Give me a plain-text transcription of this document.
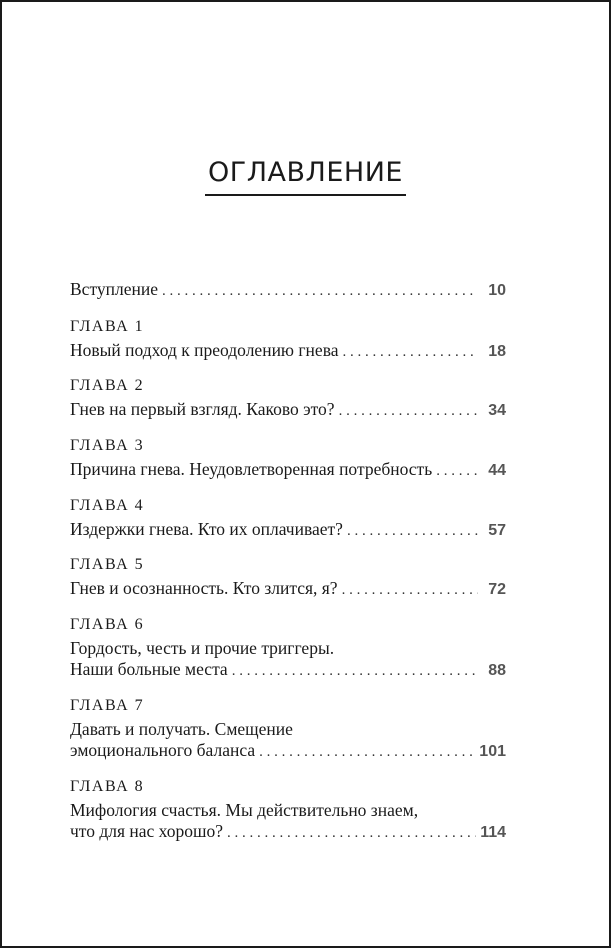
ОГЛАВЛЕНИЕ
Вступление . . .	10
ГЛАВА 1
Новый подход к преодолению гнева . . .	18
ГЛАВА 2
Гнев на первый взгляд. Каково это? . . .	34
ГЛАВА 3
Причина гнева. Неудовлетворенная потребность . . .	44
ГЛАВА 4
Издержки гнева. Кто их оплачивает? . . .	57
ГЛАВА 5
Гнев и осознанность. Кто злится, я? . . .	72
ГЛАВА 6
Гордость, честь и прочие триггеры.
Наши больные места . . .	88
ГЛАВА 7
Давать и получать. Смещение
эмоционального баланса . . .	101
ГЛАВА 8
Мифология счастья. Мы действительно знаем,
что для нас хорошо? . . .	114
